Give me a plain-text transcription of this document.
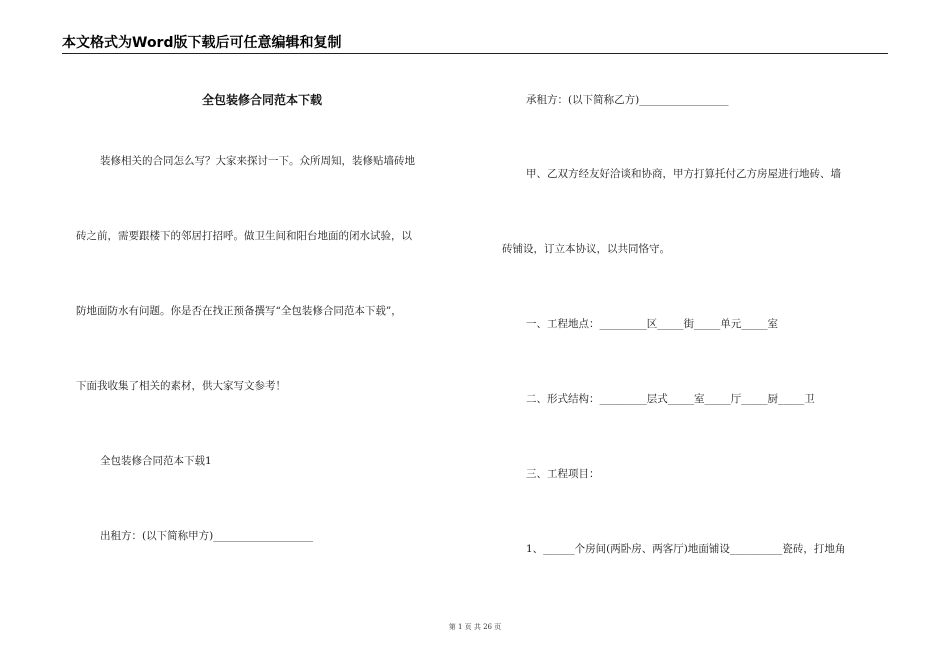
本文格式为Word版下载后可任意编辑和复制
全包装修合同范本下载
装修相关的合同怎么写？大家来探讨一下。众所周知，装修贴墙砖地
砖之前，需要跟楼下的邻居打招呼。做卫生间和阳台地面的闭水试验，以
防地面防水有问题。你是否在找正预备撰写“全包装修合同范本下载”，
下面我收集了相关的素材，供大家写文参考！
全包装修合同范本下载1
出租方：(以下简称甲方)___________________
承租方：(以下简称乙方)_________________
甲、乙双方经友好洽谈和协商，甲方打算托付乙方房屋进行地砖、墙
砖铺设，订立本协议，以共同恪守。
一、工程地点：_________区_____街_____单元_____室
二、形式结构：_________层式_____室_____厅_____厨_____卫
三、工程项目：
1、______个房间(两卧房、两客厅)地面铺设__________瓷砖，打地角
第 1 页 共 26 页
